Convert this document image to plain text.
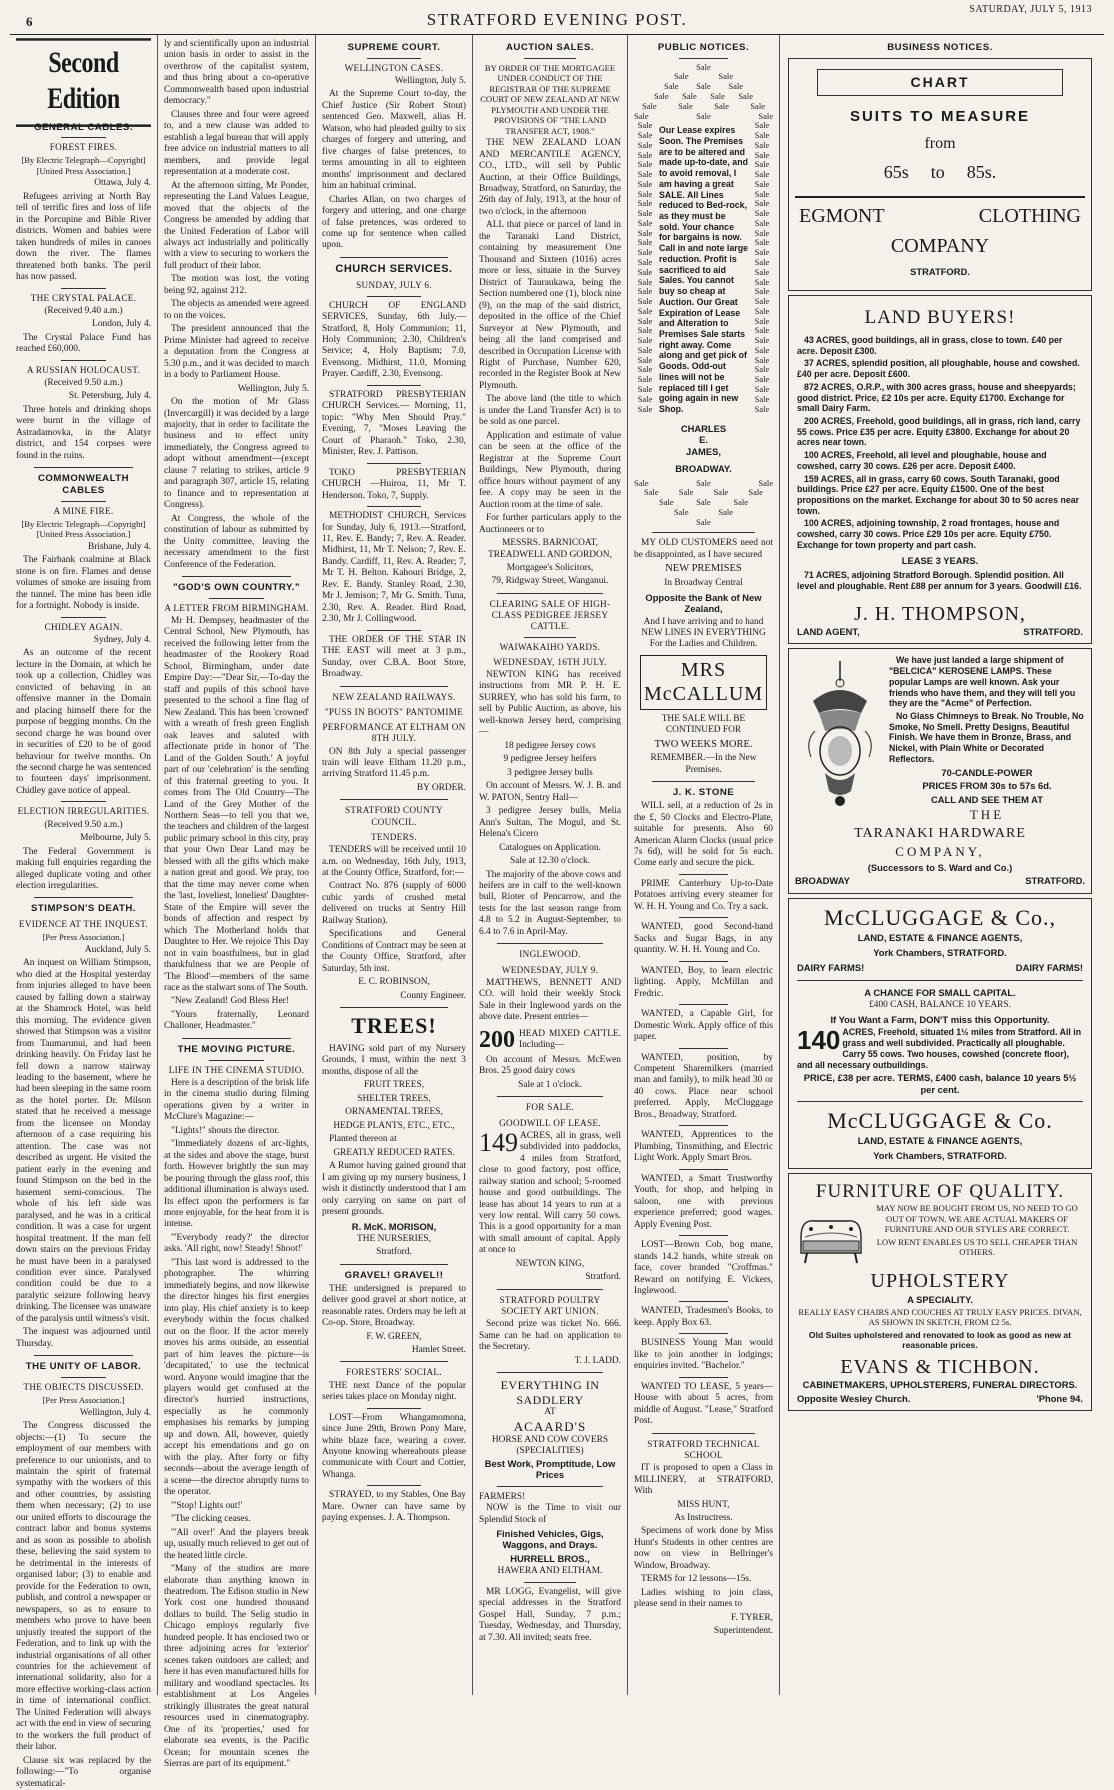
6	STRATFORD EVENING POST.
SATURDAY, JULY 5, 1913
Second Edition
GENERAL CABLES.
FOREST FIRES.

[By Electric Telegraph—Copyright] [United Press Association.]

Ottawa, July 4.

Refugees arriving at North Bay tell of terrific fires and loss of life in the Porcupine and Bible River districts. Women and babies were taken hundreds of miles in canoes down the river. The flames threatened both banks. The peril has now passed.

THE CRYSTAL PALACE.

(Received 9.40 a.m.)

London, July 4.

The Crystal Palace Fund has reached £60,000.

A RUSSIAN HOLOCAUST.

(Received 9.50 a.m.)

St. Petersburg, July 4.

Three hotels and drinking shops were burnt in the village of Astradamovka, in the Alatyr district, and 154 corpses were found in the ruins.

COMMONWEALTH CABLES
A MINE FIRE.

[By Electric Telegraph—Copyright] [United Press Association.]

Brisbane, July 4.

The Fairbank coalmine at Black stone is on fire. Flames and dense volumes of smoke are issuing from the tunnel. The mine has been idle for a fortnight. Nobody is inside.

CHIDLEY AGAIN.

Sydney, July 4.

As an outcome of the recent lecture in the Domain, at which he took up a collection, Chidley was convicted of behaving in an offensive manner in the Domain and placing himself there for the purpose of begging months. On the second charge he was bound over in securities of £20 to be of good behaviour for twelve months. On the second charge he was sentenced to fourteen days' imprisonment. Chidley gave notice of appeal.

ELECTION IRREGULARITIES.

(Received 9.50 a.m.)

Melbourne, July 5.

The Federal Government is making full enquiries regarding the alleged duplicate voting and other election irregularities.

STIMPSON'S DEATH.
EVIDENCE AT THE INQUEST.

[Per Press Association.]

Auckland, July 5.

An inquest on William Stimpson, who died at the Hospital yesterday from injuries alleged to have been caused by falling down a stairway at the Shamrock Hotel, was held this morning. The evidence given showed that Stimpson was a visitor from Taumarunui, and had been drinking heavily. On Friday last he fell down a narrow stairway leading to the basement, where he had been sleeping in the same room as the hotel porter. Dr. Milson stated that he received a message from the licensee on Monday afternoon of a case requiring his attention. The case was not described as urgent. He visited the patient early in the evening and found Stimpson on the bed in the basement semi-conscious. The whole of his left side was paralysed, and he was in a critical condition. It was a case for urgent hospital treatment. If the man fell down stairs on the previous Friday he must have been in a paralysed condition ever since. Paralysed condition could be due to a paralytic seizure following heavy drinking. The licensee was unaware of the paralysis until witness's visit.

The inquest was adjourned until Thursday.

THE UNITY OF LABOR.
THE OBJECTS DISCUSSED.

[Per Press Association.]

Wellington, July 4.

The Congress discussed the objects:—(1) To secure the employment of our members with preference to our unionists, and to maintain the spirit of fraternal sympathy with the workers of this and other countries, by assisting them when necessary; (2) to use our united efforts to discourage the contract labor and bonus systems and as soon as possible to abolish these, believing the said system to be detrimental in the interests of organised labor; (3) to enable and provide for the Federation to own, publish, and control a newspaper or newspapers, so as to ensure to members who prove to have been unjustly treated the support of the Federation, and to link up with the industrial organisations of all other countries for the achievement of international solidarity, also for a more effective working-class action in time of international conflict. The United Federation will always act with the end in view of securing to the workers the full product of their labor.

Clause six was replaced by the following:—"To organise systematical-

ly and scientifically upon an industrial union basis in order to assist in the overthrow of the capitalist system, and thus bring about a co-operative Commonwealth based upon industrial democracy."

Clauses three and four were agreed to, and a new clause was added to establish a legal bureau that will apply free advice on industrial matters to all members, and provide legal representation at a moderate cost.

At the afternoon sitting, Mr Ponder, representing the Land Values League, moved that the objects of the Congress be amended by adding that the United Federation of Labor will always act industrially and politically with a view to securing to workers the full product of their labor.

The motion was lost, the voting being 92, against 212.

The objects as amended were agreed to on the voices.

The president announced that the Prime Minister had agreed to receive a deputation from the Congress at 5.30 p.m., and it was decided to march in a body to Parliament House.

Wellington, July 5.

On the motion of Mr Glass (Invercargill) it was decided by a large majority, that in order to facilitate the business and to effect unity immediately, the Congress agreed to adopt without amendment—(except clause 7 relating to strikes, article 9 and paragraph 307, article 15, relating to finance and to representation at Congress).

At Congress, the whole of the constitution of labour as submitted by the Unity committee, leaving the necessary amendment to the first Conference of the Federation.

"GOD'S OWN COUNTRY."
A LETTER FROM BIRMINGHAM.

Mr H. Dempsey, headmaster of the Central School, New Plymouth, has received the following letter from the headmaster of the Rookery Road School, Birmingham, under date Empire Day:—"Dear Sir,—To-day the staff and pupils of this school have presented to the school a fine flag of New Zealand. This has been 'crowned' with a wreath of fresh green English oak leaves and saluted with affectionate pride in honor of 'The Land of the Golden South.' A joyful part of our 'celebration' is the sending of this fraternal greeting to you. It comes from The Old Country—The Land of the Grey Mother of the Northern Seas—to tell you that we, the teachers and children of the largest public primary school in this city, pray that your Own Dear Land may be blessed with all the gifts which make a nation great and good. We pray, too that the time may never come when the 'last, loveliest, loneliest' Daughter-State of the Empire will sever the bonds of affection and respect by which The Motherland holds that Daughter to Her. We rejoice This Day not in vain boastfulness, but in glad thankfulness that we are People of 'The Blood'—members of the same race as the stalwart sons of The South.

"New Zealand! God Bless Her!

"Yours fraternally, Leonard Challoner, Headmaster."

THE MOVING PICTURE.
LIFE IN THE CINEMA STUDIO.

Here is a description of the brisk life in the cinema studio during filming operations given by a writer in McClure's Magazine:—

"Lights!" shouts the director.

"Immediately dozens of arc-lights, at the sides and above the stage, burst forth. However brightly the sun may be pouring through the glass roof, this additional illumination is always used. Its effect upon the performers is far more enjoyable, for the heat from it is intense.

"'Everybody ready?' the director asks. 'All right, now! Steady! Shoot!'

"This last word is addressed to the photographer. The whirring immediately begins, and now likewise the director hinges his first energies into play. His chief anxiety is to keep everybody within the focus chalked out on the floor. If the actor merely moves his arms outside, an essential part of him leaves the picture—is 'decapitated,' to use the technical word. Anyone would imagine that the players would get confused at the director's hurried instructions, especially as he commonly emphasises his remarks by jumping up and down. All, however, quietly accept his emendations and go on with the play. After forty or fifty seconds—about the average length of a scene—the director abruptly turns to the operator.

"'Stop! Lights out!'

"The clicking ceases.

"'All over!' And the players break up, usually much relieved to get out of the heated little circle.

"Many of the studios are more elaborate than anything known in theatredom. The Edison studio in New York cost one hundred thousand dollars to build. The Selig studio in Chicago employs regularly five hundred people. It has enclosed two or three adjoining acres for 'exterior' scenes taken outdoors are called; and here it has even manufactured hills for military and woodland spectacles. Its establishment at Los Angeles strikingly illustrates the great natural resources used in cinematography. One of its 'properties,' used for elaborate sea events, is the Pacific Ocean; for mountain scenes the Sierras are part of its equipment."

SUPREME COURT.
WELLINGTON CASES.

Wellington, July 5.

At the Supreme Court to-day, the Chief Justice (Sir Robert Stout) sentenced Geo. Maxwell, alias H. Watson, who had pleaded guilty to six charges of forgery and uttering, and five charges of false pretences, to terms amounting in all to eighteen months' imprisonment and declared him an habitual criminal.

Charles Allan, on two charges of forgery and uttering, and one charge of false pretences, was ordered to come up for sentence when called upon.

CHURCH SERVICES.
SUNDAY, JULY 6.

CHURCH OF ENGLAND SERVICES, Sunday, 6th July.—Stratford, 8, Holy Communion; 11, Holy Communion; 2.30, Children's Service; 4, Holy Baptism; 7.0, Evensong. Midhirst, 11.0, Morning Prayer. Cardiff, 2.30, Evensong.

STRATFORD PRESBYTERIAN CHURCH Services.— Morning, 11, topic: "Why Men Should Pray." Evening, 7, "Moses Leaving the Court of Pharaoh." Toko, 2.30, Minister, Rev. J. Pattison.

TOKO PRESBYTERIAN CHURCH —Huiroa, 11, Mr T. Henderson. Toko, 7, Supply.

METHODIST CHURCH, Services for Sunday, July 6, 1913.—Stratford, 11, Rev. E. Bandy; 7, Rev. A. Reader. Midhirst, 11, Mr T. Nelson; 7, Rev. E. Bandy. Cardiff, 11, Rev. A. Reader; 7, Mr T. H. Belton. Kahouri Bridge, 2, Rev. E. Bandy. Stanley Road, 2.30, Mr J. Jemison; 7, Mr G. Smith. Tuna, 2.30, Rev. A. Reader. Bird Road, 2.30, Mr J. Collingwood.

THE ORDER OF THE STAR IN THE EAST will meet at 3 p.m., Sunday, over C.B.A. Boot Store, Broadway.

NEW ZEALAND RAILWAYS.
"PUSS IN BOOTS" PANTOMIME
PERFORMANCE AT ELTHAM ON 8TH JULY.

ON 8th July a special passenger train will leave Eltham 11.20 p.m., arriving Stratford 11.45 p.m.

BY ORDER.

STRATFORD COUNTY COUNCIL.
TENDERS.

TENDERS will be received until 10 a.m. on Wednesday, 16th July, 1913, at the County Office, Stratford, for:—

Contract No. 876 (supply of 6000 cubic yards of crushed metal delivered on trucks at Sentry Hill Railway Station).

Specifications and General Conditions of Contract may be seen at the County Office, Stratford, after Saturday, 5th inst.

E. C. ROBINSON,

County Engineer.

TREES!

HAVING sold part of my Nursery Grounds, I must, within the next 3 months, dispose of all the

FRUIT TREES,

SHELTER TREES,

ORNAMENTAL TREES,

HEDGE PLANTS, ETC., ETC.,

Planted thereon at

GREATLY REDUCED RATES.

A Rumor having gained ground that I am giving up my nursery business, I wish it distinctly understood that I am only carrying on same on part of present grounds.

R. McK. MORISON,

THE NURSERIES,

Stratford.

GRAVEL! GRAVEL!!

THE undersigned is prepared to deliver good gravel at short notice, at reasonable rates. Orders may be left at Co-op. Store, Broadway.

F. W. GREEN,

Hamlet Street.

FORESTERS' SOCIAL.

THE next Dance of the popular series takes place on Monday night.

LOST—From Whangamomona, since June 29th, Brown Pony Mare, white blaze face, wearing a cover. Anyone knowing whereabouts please communicate with Court and Cottier, Whanga.

STRAYED, to my Stables, One Bay Mare. Owner can have same by paying expenses. J. A. Thompson.

AUCTION SALES.

BY ORDER OF THE MORTGAGEE UNDER CONDUCT OF THE REGISTRAR OF THE SUPREME COURT OF NEW ZEALAND AT NEW PLYMOUTH AND UNDER THE PROVISIONS OF "THE LAND TRANSFER ACT, 1908."

THE NEW ZEALAND LOAN AND MERCANTILE AGENCY, CO., LTD., will sell by Public Auction, at their Office Buildings, Broadway, Stratford, on Saturday, the 26th day of July, 1913, at the hour of two o'clock, in the afternoon

ALL that piece or parcel of land in the Taranaki Land District, containing by measurement One Thousand and Sixteen (1016) acres more or less, situate in the Survey District of Tauraukawa, being the Section numbered one (1), block nine (9), on the map of the said district, deposited in the office of the Chief Surveyor at New Plymouth, and being all the land comprised and described in Occupation License with Right of Purchase, Number 620, recorded in the Register Book at New Plymouth.

The above land (the title to which is under the Land Transfer Act) is to be sold as one parcel.

Application and estimate of value can be seen at the office of the Registrar at the Supreme Court Buildings, New Plymouth, during office hours without payment of any fee. A copy may be seen in the Auction room at the time of sale.

For further particulars apply to the Auctioneers or to

MESSRS. BARNICOAT, TREADWELL AND GORDON,

Mortgagee's Solicitors,

79, Ridgway Street, Wanganui.

CLEARING SALE OF HIGH-CLASS PEDIGREE JERSEY CATTLE.
WAIWAKAIHO YARDS.
WEDNESDAY, 16TH JULY.

NEWTON KING has received instructions from MR P. H. E. SURREY, who has sold his farm, to sell by Public Auction, as above, his well-known Jersey herd, comprising—

18 pedigree Jersey cows

9 pedigree Jersey heifers

3 pedigree Jersey bulls

On account of Messrs. W. J. B. and W. PATON, Sentry Hall—

3 pedigree Jersey bulls, Melia Ann's Sultan, The Mogul, and St. Helena's Cicero

Catalogues on Application.

Sale at 12.30 o'clock.

The majority of the above cows and heifers are in calf to the well-known bull, Rioter of Pencarrow, and the tests for the last season range from 4.8 to 5.2 in August-September, to 6.4 to 7.6 in April-May.

INGLEWOOD.
WEDNESDAY, JULY 9.

MATTHEWS, BENNETT AND CO. will hold their weekly Stock Sale in their Inglewood yards on the above date. Present entries—

200 HEAD MIXED CATTLE. Including—

On account of Messrs. McEwen Bros. 25 good dairy cows

Sale at 1 o'clock.

FOR SALE.
GOODWILL OF LEASE.

149 ACRES, all in grass, well subdivided into paddocks, 4 miles from Stratford, close to good factory, post office, railway station and school; 5-roomed house and good outbuildings. The lease has about 14 years to run at a very low rental. Will carry 50 cows. This is a good opportunity for a man with small amount of capital. Apply at once to

NEWTON KING,

Stratford.

STRATFORD POULTRY SOCIETY ART UNION.

Second prize was ticket No. 666. Same can be had on application to the Secretary.

T. J. LADD.

EVERYTHING IN SADDLERY
AT
ACAARD'S
HORSE AND COW COVERS (SPECIALITIES)
Best Work, Promptitude, Low Prices
FARMERS!

NOW is the Time to visit our Splendid Stock of

Finished Vehicles, Gigs, Waggons, and Drays.

HURRELL BROS.,

HAWERA AND ELTHAM.

MR LOGG, Evangelist, will give special addresses in the Stratford Gospel Hall, Sunday, 7 p.m.; Tuesday, Wednesday, and Thursday, at 7.30. All invited; seats free.

PUBLIC NOTICES.
Sale
Sale	Sale
Sale Sale Sale
Sale Sale Sale Sale
Sale	Sale	Sale	Sale
Sale	Sale	Sale
Sale
Sale
Sale
Sale
Sale
Sale
Sale
Sale
Sale
Sale
Sale
Sale
Sale
Sale
Sale
Sale
Sale
Sale
Sale
Sale
Sale
Sale
Sale
Sale
Sale
Sale
Sale
Sale
Sale
Sale
Our Lease expires Soon. The Premises are to be altered and made up-to-date, and to avoid removal, I am having a great SALE. All Lines reduced to Bed-rock, as they must be sold. Your chance for bargains is now. Call in and note large reduction. Profit is sacrificed to aid Sales. You cannot buy so cheap at Auction. Our Great Expiration of Lease and Alteration to Premises Sale starts right away. Come along and get pick of Goods. Odd-out lines will not be replaced till I get going again in new Shop.
CHARLES
E.
JAMES,
BROADWAY.
Sale
Sale
Sale
Sale
Sale
Sale
Sale
Sale
Sale
Sale
Sale
Sale
Sale
Sale
Sale
Sale
Sale
Sale
Sale
Sale
Sale
Sale
Sale
Sale
Sale
Sale
Sale
Sale
Sale
Sale
Sale	Sale	Sale
Sale Sale Sale Sale
Sale	Sale	Sale
Sale	Sale
Sale

MY OLD CUSTOMERS need not be disappointed, as I have secured

NEW PREMISES

In Broadway Central

Opposite the Bank of New Zealand,

And I have arriving and to hand NEW LINES IN EVERYTHING For the Ladies and Children.

MRS McCALLUM

THE SALE WILL BE CONTINUED FOR

TWO WEEKS MORE.

REMEMBER.—In the New Premises.

J. K. STONE

WILL sell, at a reduction of 2s in the £, 50 Clocks and Electro-Plate, suitable for presents. Also 60 American Alarm Clocks (usual price 7s 6d), will be sold for 5s each. Come early and secure the pick.

PRIME Canterbury Up-to-Date Potatoes arriving every steamer for W. H. H. Young and Co. Try a sack.

WANTED, good Second-hand Sacks and Sugar Bags, in any quantity. W. H. H. Young and Co.

WANTED, Boy, to learn electric lighting. Apply, McMillan and Fredric.

WANTED, a Capable Girl, for Domestic Work. Apply office of this paper.

WANTED, position, by Competent Sharemilkers (married man and family), to milk head 30 or 40 cows. Place near school preferred. Apply, McCluggage Bros., Broadway, Stratford.

WANTED, Apprentices to the Plumbing, Tinsmithing, and Electric Light Work. Apply Smart Bros.

WANTED, a Smart Trustworthy Youth, for shop, and helping in saloon, one with previous experience preferred; good wages. Apply Evening Post.

LOST—Brown Cob, bog mane, stands 14.2 hands, white streak on face, cover branded "Croffmas." Reward on notifying E. Vickers, Inglewood.

WANTED, Tradesmen's Books, to keep. Apply Box 63.

BUSINESS Young Man would like to join another in lodgings; enquiries invited. "Bachelor."

WANTED TO LEASE, 5 years—House with about 5 acres, from middle of August. "Lease," Stratford Post.

STRATFORD TECHNICAL SCHOOL

IT is proposed to open a Class in MILLINERY, at STRATFORD, With

MISS HUNT,

As Instructress.

Specimens of work done by Miss Hunt's Students in other centres are now on view in Bellringer's Window, Broadway.

TERMS for 12 lessons—15s.

Ladies wishing to join class, please send in their names to

F. TYRER,

Superintendent.

BUSINESS NOTICES.
CHART
SUITS TO MEASURE
from
65s to 85s.
EGMONT	CLOTHING
COMPANY
STRATFORD.
LAND BUYERS!

43 ACRES, good buildings, all in grass, close to town. £40 per acre. Deposit £300.

37 ACRES, splendid position, all ploughable, house and cowshed. £40 per acre. Deposit £600.

872 ACRES, O.R.P., with 300 acres grass, house and sheepyards; good district. Price, £2 10s per acre. Equity £1700. Exchange for small Dairy Farm.

200 ACRES, Freehold, good buildings, all in grass, rich land, carry 55 cows. Price £35 per acre. Equity £3800. Exchange for about 20 acres near town.

100 ACRES, Freehold, all level and ploughable, house and cowshed, carry 30 cows. £26 per acre. Deposit £400.

159 ACRES, all in grass, carry 60 cows. South Taranaki, good buildings. Price £27 per acre. Equity £1500. One of the best propositions on the market. Exchange for about 30 to 50 acres near town.

100 ACRES, adjoining township, 2 road frontages, house and cowshed, carry 30 cows. Price £29 10s per acre. Equity £750. Exchange for town property and part cash.

LEASE 3 YEARS.

71 ACRES, adjoining Stratford Borough. Splendid position. All level and ploughable. Rent £88 per annum for 3 years. Goodwill £16.

J. H. THOMPSON,
LAND AGENT,	STRATFORD.

We have just landed a large shipment of "BELCICA" KEROSENE LAMPS. These popular Lamps are well known. Ask your friends who have them, and they will tell you they are the "Acme" of Perfection.

No Glass Chimneys to Break. No Trouble, No Smoke, No Smell. Pretty Designs, Beautiful Finish. We have them in Bronze, Brass, and Nickel, with Plain White or Decorated Reflectors.

70-CANDLE-POWER

PRICES FROM 30s to 57s 6d.

CALL AND SEE THEM AT

THE

TARANAKI HARDWARE

COMPANY,

(Successors to S. Ward and Co.)

BROADWAY	STRATFORD.
McCLUGGAGE & Co.,
LAND, ESTATE & FINANCE AGENTS,
York Chambers, STRATFORD.
DAIRY FARMS!	DAIRY FARMS!

A CHANCE FOR SMALL CAPITAL.

£400 CASH, BALANCE 10 YEARS.

If You Want a Farm, DON'T miss this Opportunity.

140 ACRES, Freehold, situated 1½ miles from Stratford. All in grass and well subdivided. Practically all ploughable. Carry 55 cows. Two houses, cowshed (concrete floor), and all necessary outbuildings.

PRICE, £38 per acre. TERMS, £400 cash, balance 10 years 5½ per cent.

McCLUGGAGE & Co.
LAND, ESTATE & FINANCE AGENTS,
York Chambers, STRATFORD.
FURNITURE OF QUALITY.

MAY NOW BE BOUGHT FROM US, NO NEED TO GO OUT OF TOWN. WE ARE ACTUAL MAKERS OF FURNITURE AND OUR STYLES ARE CORRECT.

LOW RENT ENABLES US TO SELL CHEAPER THAN OTHERS.

UPHOLSTERY

A SPECIALITY.

REALLY EASY CHAIRS AND COUCHES AT TRULY EASY PRICES. DIVAN, AS SHOWN IN SKETCH, FROM £2 5s.

Old Suites upholstered and renovated to look as good as new at reasonable prices.

EVANS & TICHBON.

CABINETMAKERS, UPHOLSTERERS, FUNERAL DIRECTORS.

Opposite Wesley Church.	'Phone 94.
